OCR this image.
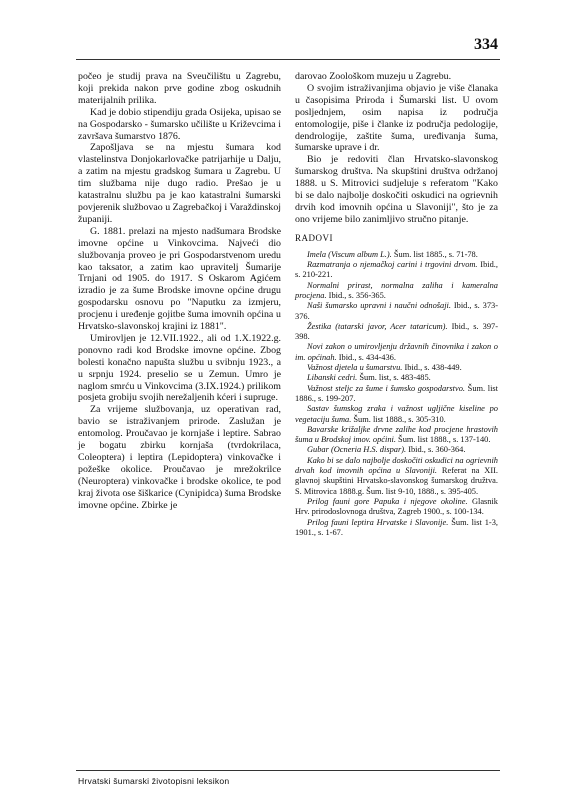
334

počeo je studij prava na Sveučilištu u Zagrebu, koji prekida nakon prve godine zbog oskudnih materijalnih prilika.

Kad je dobio stipendiju grada Osijeka, upisao se na Gospodarsko - šumarsko učilište u Križevcima i završava šumarstvo 1876.

Zapošljava se na mjestu šumara kod vlastelinstva Donjokarlovačke patrijarhije u Dalju, a zatim na mjestu gradskog šumara u Zagrebu. U tim službama nije dugo radio. Prešao je u katastralnu službu pa je kao katastralni šumarski povjerenik službovao u Zagrebačkoj i Varaždinskoj županiji.

G. 1881. prelazi na mjesto nadšumara Brodske imovne općine u Vinkovcima. Najveći dio službovanja proveo je pri Gospodarstvenom uredu kao taksator, a zatim kao upravitelj Šumarije Trnjani od 1905. do 1917. S Oskarom Agićem izradio je za šume Brodske imovne općine drugu gospodarsku osnovu po "Naputku za izmjeru, procjenu i uređenje gojitbe šuma imovnih općina u Hrvatsko-slavonskoj krajini iz 1881".

Umirovljen je 12.VII.1922., ali od 1.X.1922.g. ponovno radi kod Brodske imovne općine. Zbog bolesti konačno napušta službu u svibnju 1923., a u srpnju 1924. preselio se u Zemun. Umro je naglom smrću u Vinkovcima (3.IX.1924.) prilikom posjeta grobiju svojih nerežaljenih kćeri i supruge.

Za vrijeme službovanja, uz operativan rad, bavio se istraživanjem prirode. Zaslužan je entomolog. Proučavao je kornjaše i leptire. Sabrao je bogatu zbirku kornjaša (tvrdokrilaca, Coleoptera) i leptira (Lepidoptera) vinkovačke i požeške okolice. Proučavao je mrežokrilce (Neuroptera) vinkovačke i brodske okolice, te pod kraj života ose šiškarice (Cynipidca) šuma Brodske imovne općine. Zbirke je

darovao Zoološkom muzeju u Zagrebu.

O svojim istraživanjima objavio je više članaka u časopisima Priroda i Šumarski list. U ovom posljednjem, osim napisa iz područja entomologije, piše i članke iz područja pedologije, dendrologije, zaštite šuma, uređivanja šuma, šumarske uprave i dr.

Bio je redoviti član Hrvatsko-slavonskog šumarskog društva. Na skupštini društva održanoj 1888. u S. Mitrovici sudjeluje s referatom "Kako bi se dalo najbolje doskočiti oskudici na ogrievnih drvih kod imovnih općina u Slavoniji", što je za ono vrijeme bilo zanimljivo stručno pitanje.

RADOVI

Imela (Viscum album L.). Šum. list 1885., s. 71-78.

Razmatranja o njemačkoj carini i trgovini drvom. Ibid., s. 210-221.

Normalni prirast, normalna zaliha i kameralna procjena. Ibid., s. 356-365.

Naši šumarsko upravni i naučni odnošaji. Ibid., s. 373-376.

Žestika (tatarski javor, Acer tataricum). Ibid., s. 397-398.

Novi zakon o umirovljenju državnih činovnika i zakon o im. općinah. Ibid., s. 434-436.

Važnost djetela u šumarstvu. Ibid., s. 438-449.

Libanski cedri. Šum. list, s. 483-485.

Važnost steljc za šume i šumsko gospodarstvo. Šum. list 1886., s. 199-207.

Sastav šumskog zraka i važnost ugljične kiseline po vegetaciju šuma. Šum. list 1888., s. 305-310.

Bavarske križaljke drvne zalihe kod procjene hrastovih šuma u Brodskoj imov. općini. Šum. list 1888., s. 137-140.

Gubar (Ocneria H.S. dispar). Ibid., s. 360-364.

Kako bi se dalo najbolje doskočiti oskudici na ogrievnih drvah kod imovnih općina u Slavoniji. Referat na XII. glavnoj skupštini Hrvatsko-slavonskog šumarskog družtva. S. Mitrovica 1888.g. Šum. list 9-10, 1888., s. 395-405.

Prilog fauni gore Papuka i njegove okoline. Glasnik Hrv. prirodoslovnoga društva, Zagreb 1900., s. 100-134.

Prilog fauni leptira Hrvatske i Slavonije. Šum. list 1-3, 1901., s. 1-67.

Hrvatski šumarski životopisni leksikon
